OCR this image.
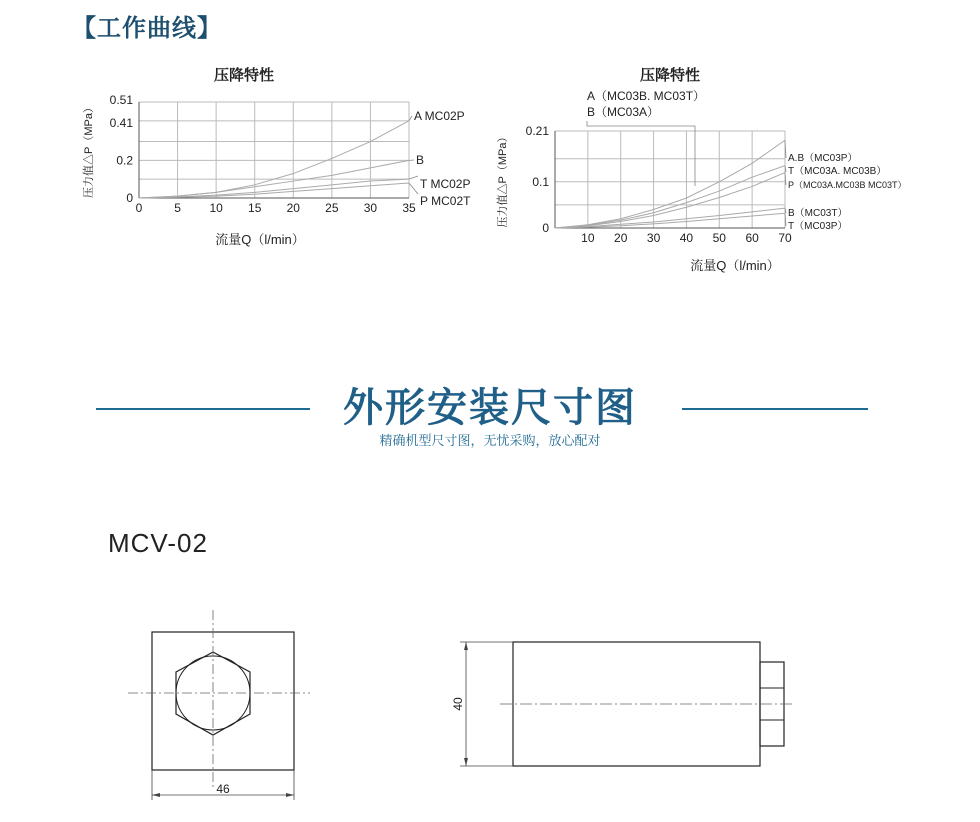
【工作曲线】
压降特性
0	5 10 15 20 25 30 35
0
0.2
0.41
0.51
压力值△P（MPa）
流量Q（l/min）
A MC02P
B
T MC02P
P MC02T
压降特性
10 20 30 40 50 60 70
0
0.1
0.21
压力值△P（MPa）
流量Q（l/min）
A.B（MC03P）
T（MC03A. MC03B）
P（MC03A.MC03B MC03T）
B（MC03T）
T（MC03P）
A（MC03B. MC03T）
B（MC03A）
外形安装尺寸图
精确机型尺寸图，无忧采购，放心配对
MCV-02
46
40
